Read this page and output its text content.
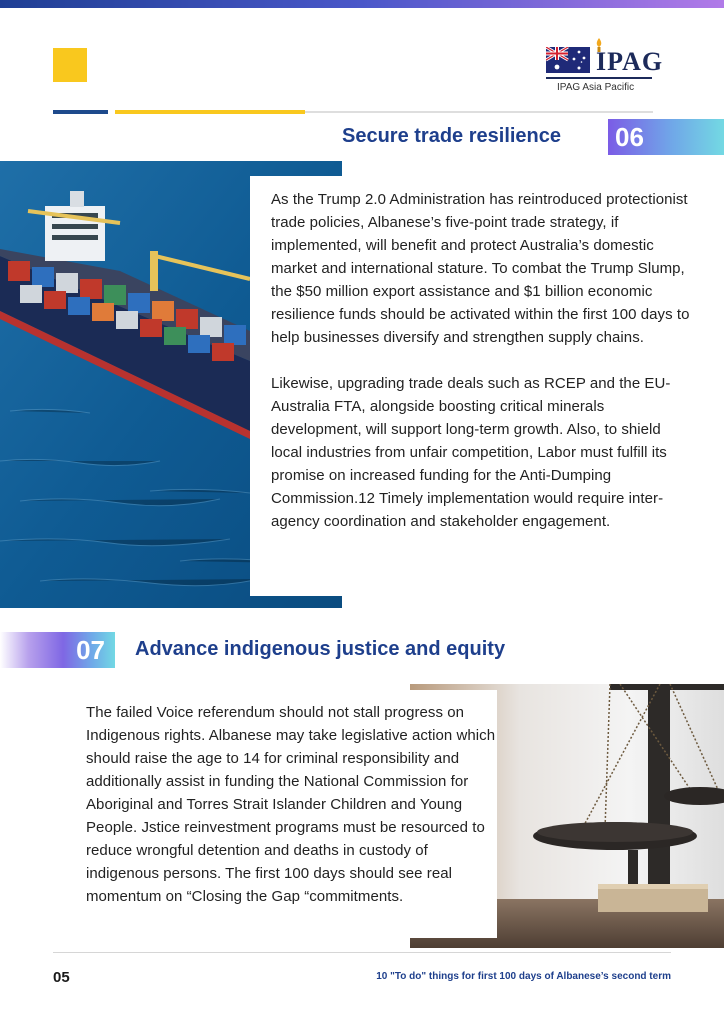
IPAG
IPAG Asia Pacific
Secure trade resilience 06

As the Trump 2.0 Administration has reintroduced protectionist trade policies, Albanese’s five-point trade strategy, if implemented, will benefit and protect Australia’s domestic market and international stature. To combat the Trump Slump, the $50 million export assistance and $1 billion economic resilience funds should be activated within the first 100 days to help businesses diversify and strengthen supply chains.

Likewise, upgrading trade deals such as RCEP and the EU-Australia FTA, alongside boosting critical minerals development, will support long-term growth. Also, to shield local industries from unfair competition, Labor must fulfill its promise on increased funding for the Anti-Dumping Commission.12 Timely implementation would require inter-agency coordination and stakeholder engagement.

07	Advance indigenous justice and equity

The failed Voice referendum should not stall progress on Indigenous rights. Albanese may take legislative action which should raise the age to 14 for criminal responsibility and additionally assist in funding the National Commission for Aboriginal and Torres Strait Islander Children and Young People. Jstice reinvestment programs must be resourced to reduce wrongful detention and deaths in custody of indigenous persons. The first 100 days should see real momentum on “Closing the Gap “commitments.

05	10 "To do" things for first 100 days of Albanese’s second term
